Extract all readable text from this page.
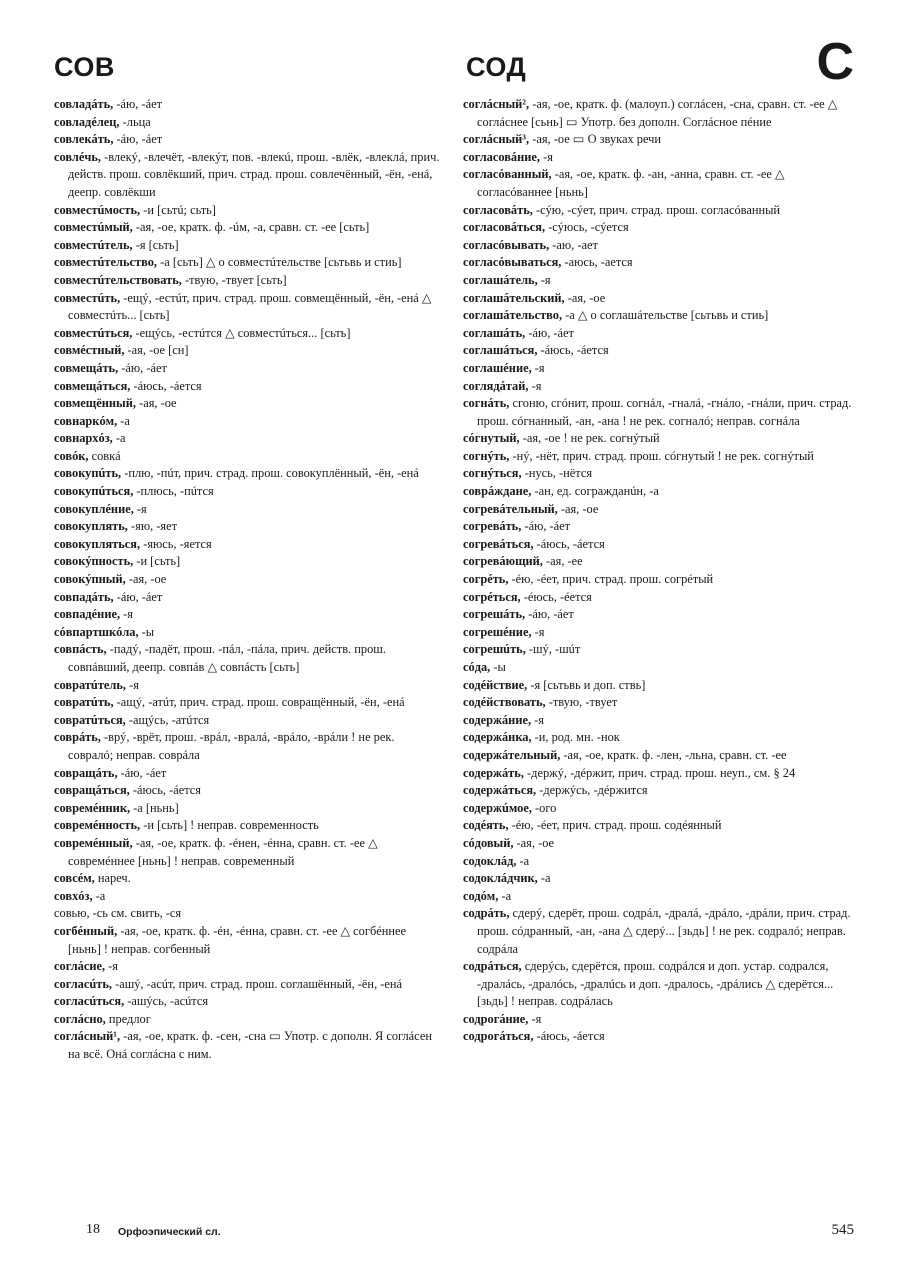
СОВ	СОД	С
совладáть, -áю, -áет
совладéлец, -льца
совлекáть, -áю, -áет
совлéчь, -влекý, -влечёт, -влекýт, пов. -влекú, прош. -влёк, -влеклá, прич. действ. прош. совлёкший, прич. страд. прош. совлечённый, -ён, -енá, деепр. совлёкши
совместúмость, -и [сьтú; сьть]
совместúмый, -ая, -ое, кратк. ф. -úм, -а, сравн. ст. -ее [сьть]
совместúтель, -я [сьть]
совместúтельство, -а [сьть] △ о совместúтельстве [сьтьвь и стиь]
совместúтельствовать, -твую, -твует [сьть]
совместúть, -ещý, -естúт, прич. страд. прош. совмещённый, -ён, -енá △ совместúть... [сьть]
совместúться, -ещýсь, -естúтся △ совместúться... [сьть]
совмéстный, -ая, -ое [сн]
совмещáть, -áю, -áет
совмещáться, -áюсь, -áется
совмещённый, -ая, -ое
совнаркóм, -а
совнархóз, -а
совóк, совкá
совокупúть, -плю, -пúт, прич. страд. прош. совокуплённый, -ён, -енá
совокупúться, -плюсь, -пúтся
совокуплéние, -я
совокуплять, -яю, -яет
совокупляться, -яюсь, -яется
совокýпность, -и [сьть]
совокýпный, -ая, -ое
совпадáть, -áю, -áет
совпадéние, -я
сóвпартшкóла, -ы
совпáсть, -падý, -падёт, прош. -пáл, -пáла, прич. действ. прош. совпáвший, деепр. совпáв △ совпáсть [сьть]
совратúтель, -я
совратúть, -ащý, -атúт, прич. страд. прош. совращённый, -ён, -енá
совратúться, -ащýсь, -атúтся
соврáть, -врý, -врёт, прош. -врáл, -вралá, -врáло, -врáли ! не рек. совралó; неправ. соврáла
совращáть, -áю, -áет
совращáться, -áюсь, -áется
совремéнник, -а [ньнь]
совремéнность, -и [сьть] ! неправ. современность
совремéнный, -ая, -ое, кратк. ф. -éнен, -éнна, сравн. ст. -ее △ совремéннее [ньнь] ! неправ. современный
совсéм, нареч.
совхóз, -а
совью, -сь см. свить, -ся
согбéнный, -ая, -ое, кратк. ф. -éн, -éнна, сравн. ст. -ее △ согбéннее [ньнь] ! неправ. согбенный
соглáсие, -я
согласúть, -ашý, -асúт, прич. страд. прош. соглашённый, -ён, -енá
согласúться, -ашýсь, -асúтся
соглáсно, предлог
соглáсный¹, -ая, -ое, кратк. ф. -сен, -сна ▭ Употр. с дополн. Я соглáсен на всё. Онá соглáсна с ним.
соглáсный², -ая, -ое, кратк. ф. (малоуп.) соглáсен, -сна, сравн. ст. -ее △ соглáснее [сьнь] ▭ Употр. без дополн. Соглáсное пéние
соглáсный³, -ая, -ое ▭ О звуках речи
согласовáние, -я
согласóванный, -ая, -ое, кратк. ф. -ан, -анна, сравн. ст. -ее △ согласóваннее [ньнь]
согласовáть, -сýю, -сýет, прич. страд. прош. согласóванный
согласовáться, -сýюсь, -сýется
согласóвывать, -аю, -ает
согласóвываться, -аюсь, -ается
соглашáтель, -я
соглашáтельский, -ая, -ое
соглашáтельство, -а △ о соглашáтельстве [сьтьвь и стиь]
соглашáть, -áю, -áет
соглашáться, -áюсь, -áется
соглашéние, -я
соглядáтай, -я
согнáть, сгоню, сгóнит, прош. согнáл, -гналá, -гнáло, -гнáли, прич. страд. прош. сóгнанный, -ан, -ана ! не рек. согналó; неправ. согнáла
сóгнутый, -ая, -ое ! не рек. согнýтый
согнýть, -нý, -нёт, прич. страд. прош. сóгнутый ! не рек. согнýтый
согнýться, -нусь, -нётся
соврáждане, -ан, ед. согражданúн, -а
согревáтельный, -ая, -ое
согревáть, -áю, -áет
согревáться, -áюсь, -áется
согревáющий, -ая, -ее
согрéть, -éю, -éет, прич. страд. прош. согрéтый
согрéться, -éюсь, -éется
согрешáть, -áю, -áет
согрешéние, -я
согрешúть, -шý, -шúт
сóда, -ы
содéйствие, -я [сьтьвь и доп. ствь]
содéйствовать, -твую, -твует
содержáние, -я
содержáнка, -и, род. мн. -нок
содержáтельный, -ая, -ое, кратк. ф. -лен, -льна, сравн. ст. -ее
содержáть, -держý, -дéржит, прич. страд. прош. неуп., см. § 24
содержáться, -держýсь, -дéржится
содержúмое, -ого
содéять, -éю, -éет, прич. страд. прош. содéянный
сóдовый, -ая, -ое
содоклáд, -а
содоклáдчик, -а
содóм, -а
содрáть, сдерý, сдерёт, прош. содрáл, -дралá, -дрáло, -дрáли, прич. страд. прош. сóдранный, -ан, -ана △ сдерý... [зьдь] ! не рек. содралó; неправ. содрáла
содрáться, сдерýсь, сдерётся, прош. содрáлся и доп. устар. содрался, -дралáсь, -дралóсь, -дралúсь и доп. -дралось, -дрáлись △ сдерётся... [зьдь] ! неправ. содрáлась
содрогáние, -я
содрогáться, -áюсь, -áется
18 Орфоэпический сл.	545
